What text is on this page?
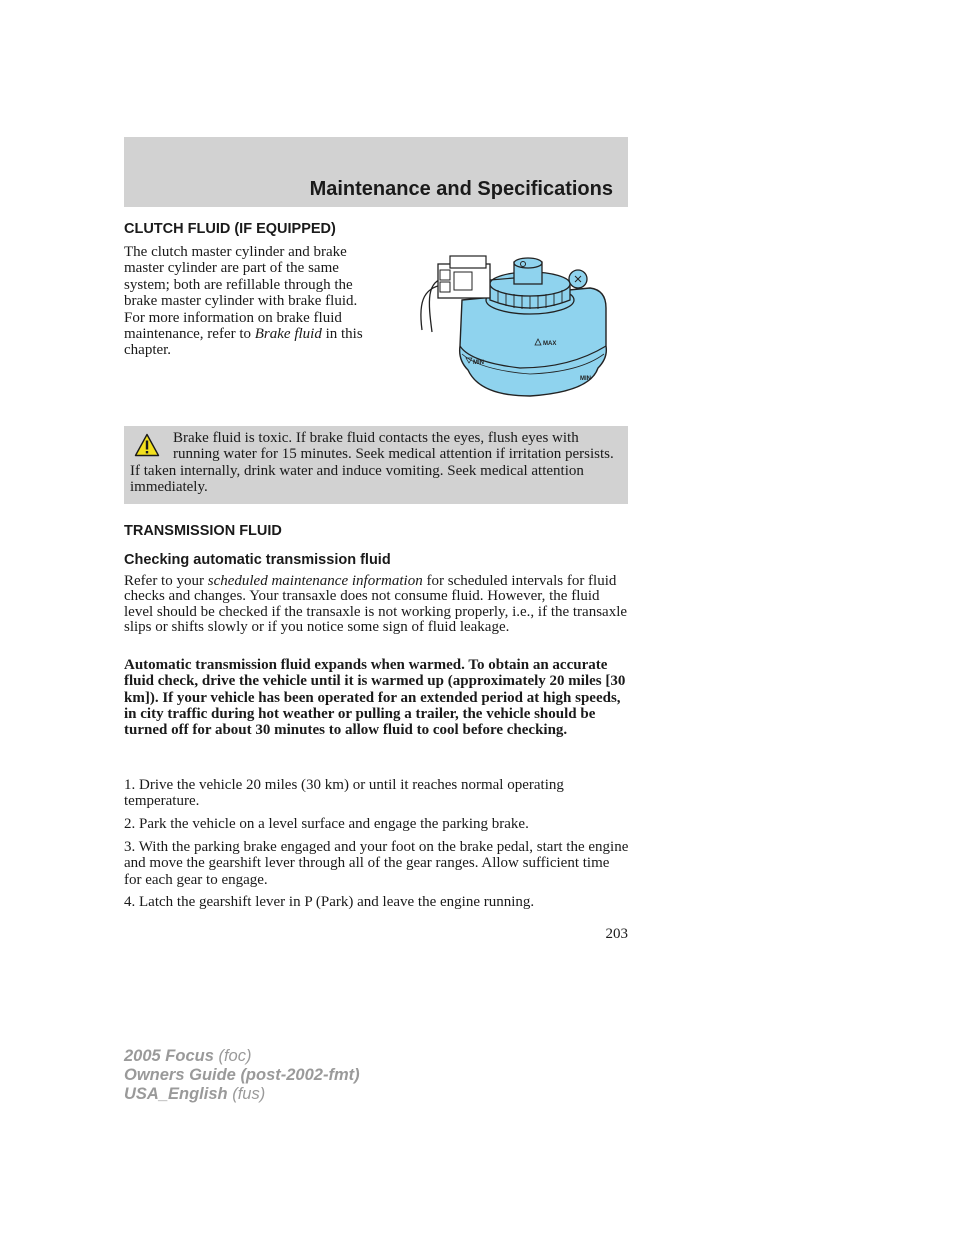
Maintenance and Specifications
CLUTCH FLUID (IF EQUIPPED)

The clutch master cylinder and brake master cylinder are part of the same system; both are refillable through the brake master cylinder with brake fluid. For more information on brake fluid maintenance, refer to Brake fluid in this chapter.	MAX
MIN
MIN

Brake fluid is toxic. If brake fluid contacts the eyes, flush eyes with running water for 15 minutes. Seek medical attention if irritation persists. If taken internally, drink water and induce vomiting. Seek medical attention immediately.

TRANSMISSION FLUID
Checking automatic transmission fluid

Refer to your scheduled maintenance information for scheduled intervals for fluid checks and changes. Your transaxle does not consume fluid. However, the fluid level should be checked if the transaxle is not working properly, i.e., if the transaxle slips or shifts slowly or if you notice some sign of fluid leakage.

Automatic transmission fluid expands when warmed. To obtain an accurate fluid check, drive the vehicle until it is warmed up (approximately 20 miles [30 km]). If your vehicle has been operated for an extended period at high speeds, in city traffic during hot weather or pulling a trailer, the vehicle should be turned off for about 30 minutes to allow fluid to cool before checking.

1. Drive the vehicle 20 miles (30 km) or until it reaches normal operating temperature.

2. Park the vehicle on a level surface and engage the parking brake.

3. With the parking brake engaged and your foot on the brake pedal, start the engine and move the gearshift lever through all of the gear ranges. Allow sufficient time for each gear to engage.

4. Latch the gearshift lever in P (Park) and leave the engine running.

203
2005 Focus (foc)
Owners Guide (post-2002-fmt)
USA_English (fus)
